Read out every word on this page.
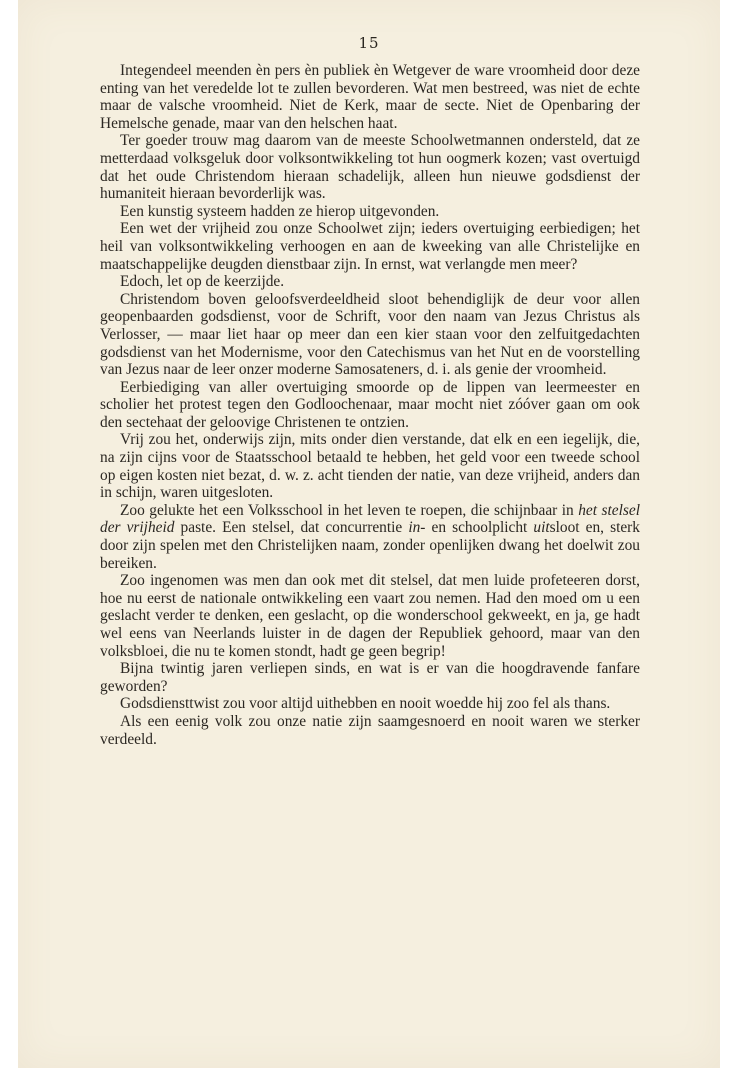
15

Integendeel meenden èn pers èn publiek èn Wetgever de ware vroomheid door deze enting van het veredelde lot te zullen bevorderen. Wat men bestreed, was niet de echte maar de valsche vroomheid. Niet de Kerk, maar de secte. Niet de Openbaring der Hemelsche genade, maar van den helschen haat.

Ter goeder trouw mag daarom van de meeste Schoolwetmannen ondersteld, dat ze metterdaad volksgeluk door volksontwikkeling tot hun oogmerk kozen; vast overtuigd dat het oude Christendom hieraan schadelijk, alleen hun nieuwe godsdienst der humaniteit hieraan bevorderlijk was.

Een kunstig systeem hadden ze hierop uitgevonden.

Een wet der vrijheid zou onze Schoolwet zijn; ieders overtuiging eerbiedigen; het heil van volksontwikkeling verhoogen en aan de kweeking van alle Christelijke en maatschappelijke deugden dienstbaar zijn. In ernst, wat verlangde men meer?

Edoch, let op de keerzijde.

Christendom boven geloofsverdeeldheid sloot behendiglijk de deur voor allen geopenbaarden godsdienst, voor de Schrift, voor den naam van Jezus Christus als Verlosser, — maar liet haar op meer dan een kier staan voor den zelfuitgedachten godsdienst van het Modernisme, voor den Catechismus van het Nut en de voorstelling van Jezus naar de leer onzer moderne Samosateners, d. i. als genie der vroomheid.

Eerbiediging van aller overtuiging smoorde op de lippen van leermeester en scholier het protest tegen den Godloochenaar, maar mocht niet zóóver gaan om ook den sectehaat der geloovige Christenen te ontzien.

Vrij zou het, onderwijs zijn, mits onder dien verstande, dat elk en een iegelijk, die, na zijn cijns voor de Staatsschool betaald te hebben, het geld voor een tweede school op eigen kosten niet bezat, d. w. z. acht tienden der natie, van deze vrijheid, anders dan in schijn, waren uitgesloten.

Zoo gelukte het een Volksschool in het leven te roepen, die schijnbaar in het stelsel der vrijheid paste. Een stelsel, dat concurrentie in- en schoolplicht uitsloot en, sterk door zijn spelen met den Christelijken naam, zonder openlijken dwang het doelwit zou bereiken.

Zoo ingenomen was men dan ook met dit stelsel, dat men luide profeteeren dorst, hoe nu eerst de nationale ontwikkeling een vaart zou nemen. Had den moed om u een geslacht verder te denken, een geslacht, op die wonderschool gekweekt, en ja, ge hadt wel eens van Neerlands luister in de dagen der Republiek gehoord, maar van den volksbloei, die nu te komen stondt, hadt ge geen begrip!

Bijna twintig jaren verliepen sinds, en wat is er van die hoogdravende fanfare geworden?

Godsdiensttwist zou voor altijd uithebben en nooit woedde hij zoo fel als thans.

Als een eenig volk zou onze natie zijn saamgesnoerd en nooit waren we sterker verdeeld.
